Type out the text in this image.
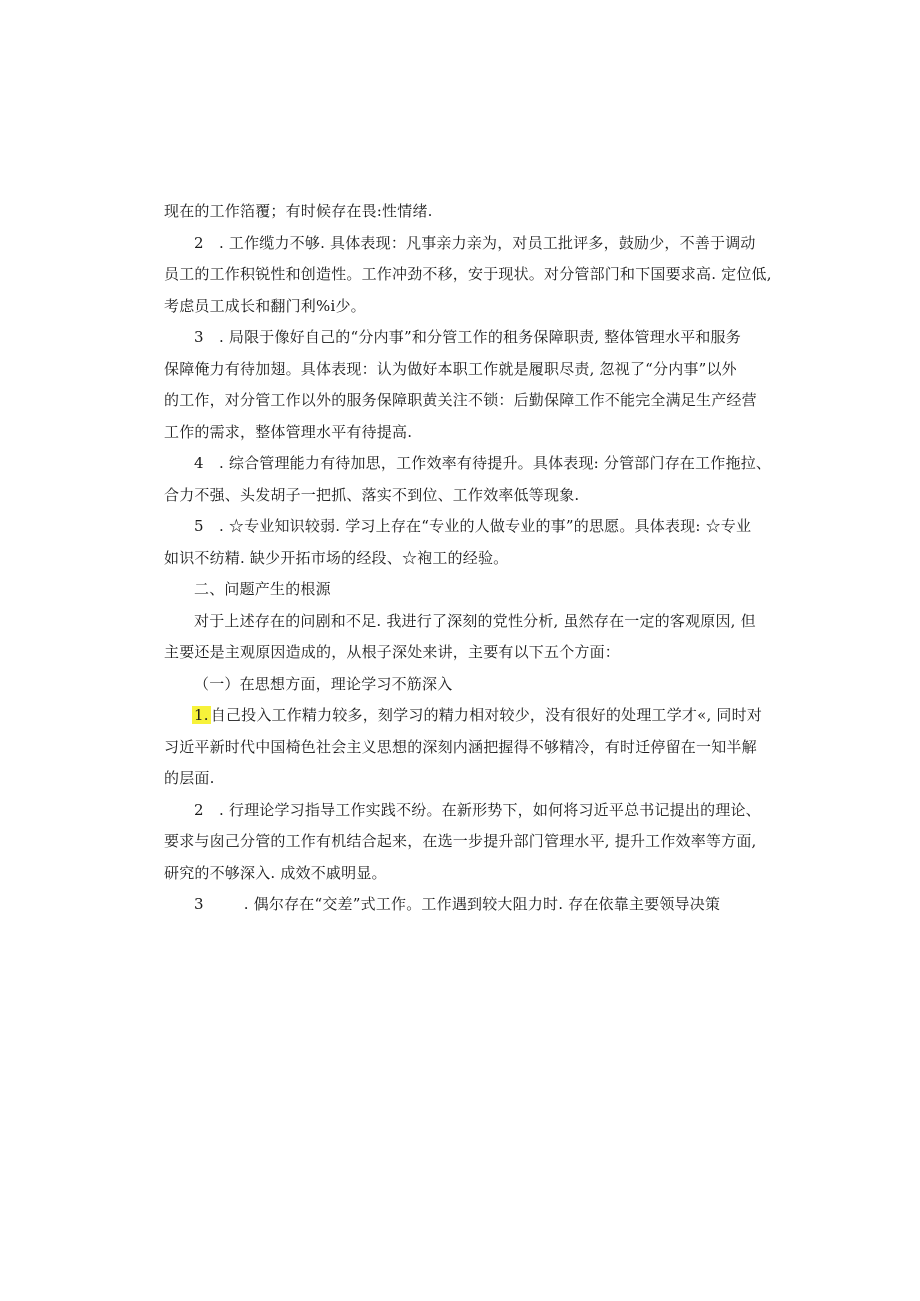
现在的工作箔覆；有时候存在畏:性情绪.

2　. 工作缆力不够. 具体表现：凡事亲力亲为，对员工批评多，鼓励少，不善于调动
员工的工作积锐性和创造性。工作冲劲不移，安于现状。对分管部门和下国要求高. 定位低,
考虑员工成长和翻门利%i少。

3　. 局限于像好自己的“分内事”和分管工作的租务保障职责, 整体管理水平和服务
保障俺力有待加翅。具体表现：认为做好本职工作就是履职尽责, 忽视了“分内事”以外
的工作，对分管工作以外的服务保障职黄关注不锁：后勤保障工作不能完全满足生产经营
工作的需求，整体管理水平有待提高.

4　. 综合管理能力有待加思，工作效率有待提升。具体表现: 分管部门存在工作拖拉、
合力不强、头发胡子一把抓、落实不到位、工作效率低等现象.

5　. ☆专业知识较弱. 学习上存在“专业的人做专业的事”的思愿。具体表现: ☆专业
如识不纺精. 缺少开拓市场的经段、☆袍工的经验。

二、问题产生的根源

对于上述存在的问剧和不足. 我进行了深刻的党性分析, 虽然存在一定的客观原因, 但
主要还是主观原因造成的，从根子深处来讲，主要有以下五个方面：

（一）在思想方面，理论学习不筋深入

1. 自己投入工作精力较多，刻学习的精力相对较少，没有很好的处理工学才«, 同时对
习近平新时代中国椅色社会主义思想的深刻内涵把握得不够精冷，有时迁停留在一知半解
的层面.

2　. 行理论学习指导工作实践不纷。在新形势下，如何将习近平总书记提出的理论、
要求与囱己分管的工作有机结合起来，在选一步提升部门管理水平, 提升工作效率等方面,
研究的不够深入. 成效不戚明显。

3	. 偶尔存在“交差”式工作。工作遇到较大阻力时. 存在依靠主要领导决策
